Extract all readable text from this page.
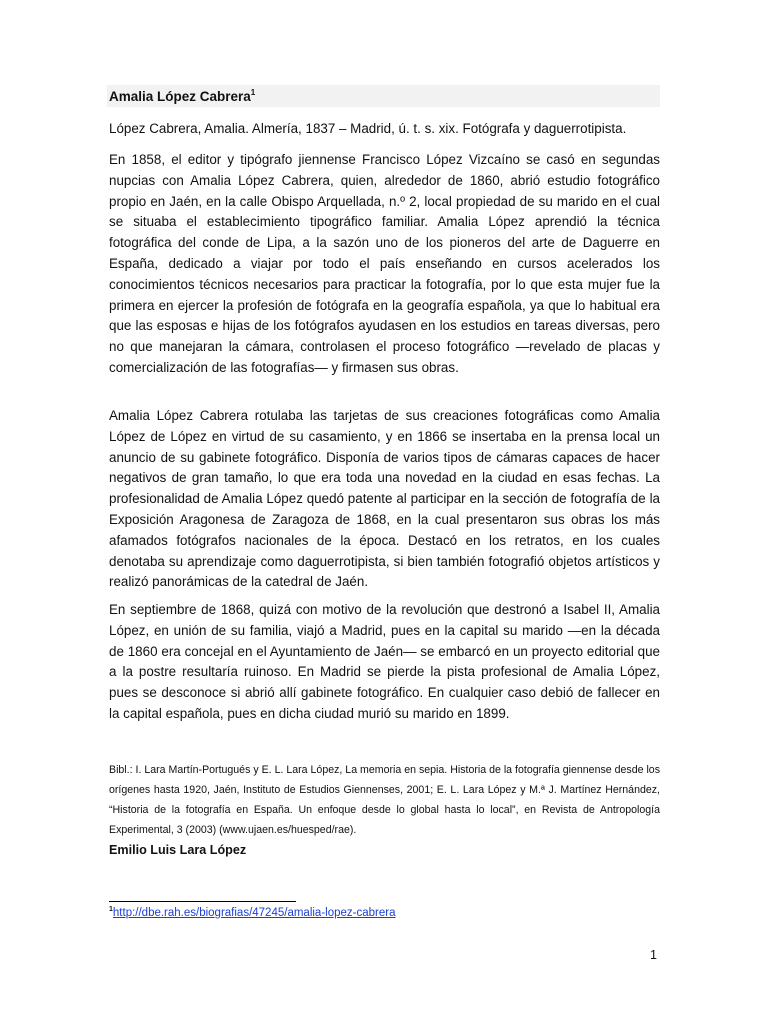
Amalia López Cabrera$^1$

López Cabrera, Amalia. Almería, 1837 – Madrid, ú. t. s. xix. Fotógrafa y daguerrotipista.

En 1858, el editor y tipógrafo jiennense Francisco López Vizcaíno se casó en segundas nupcias con Amalia López Cabrera, quien, alrededor de 1860, abrió estudio fotográfico propio en Jaén, en la calle Obispo Arquellada, n.º 2, local propiedad de su marido en el cual se situaba el establecimiento tipográfico familiar. Amalia López aprendió la técnica fotográfica del conde de Lipa, a la sazón uno de los pioneros del arte de Daguerre en España, dedicado a viajar por todo el país enseñando en cursos acelerados los conocimientos técnicos necesarios para practicar la fotografía, por lo que esta mujer fue la primera en ejercer la profesión de fotógrafa en la geografía española, ya que lo habitual era que las esposas e hijas de los fotógrafos ayudasen en los estudios en tareas diversas, pero no que manejaran la cámara, controlasen el proceso fotográfico —revelado de placas y comercialización de las fotografías— y firmasen sus obras.

Amalia López Cabrera rotulaba las tarjetas de sus creaciones fotográficas como Amalia López de López en virtud de su casamiento, y en 1866 se insertaba en la prensa local un anuncio de su gabinete fotográfico. Disponía de varios tipos de cámaras capaces de hacer negativos de gran tamaño, lo que era toda una novedad en la ciudad en esas fechas. La profesionalidad de Amalia López quedó patente al participar en la sección de fotografía de la Exposición Aragonesa de Zaragoza de 1868, en la cual presentaron sus obras los más afamados fotógrafos nacionales de la época. Destacó en los retratos, en los cuales denotaba su aprendizaje como daguerrotipista, si bien también fotografió objetos artísticos y realizó panorámicas de la catedral de Jaén.

En septiembre de 1868, quizá con motivo de la revolución que destronó a Isabel II, Amalia López, en unión de su familia, viajó a Madrid, pues en la capital su marido —en la década de 1860 era concejal en el Ayuntamiento de Jaén— se embarcó en un proyecto editorial que a la postre resultaría ruinoso. En Madrid se pierde la pista profesional de Amalia López, pues se desconoce si abrió allí gabinete fotográfico. En cualquier caso debió de fallecer en la capital española, pues en dicha ciudad murió su marido en 1899.

Bibl.: I. Lara Martín-Portugués y E. L. Lara López, La memoria en sepia. Historia de la fotografía giennense desde los orígenes hasta 1920, Jaén, Instituto de Estudios Giennenses, 2001; E. L. Lara López y M.ª J. Martínez Hernández, “Historia de la fotografía en España. Un enfoque desde lo global hasta lo local”, en Revista de Antropología Experimental, 3 (2003) (www.ujaen.es/huesped/rae).

Emilio Luis Lara López

$^1$http://dbe.rah.es/biografias/47245/amalia-lopez-cabrera

1
